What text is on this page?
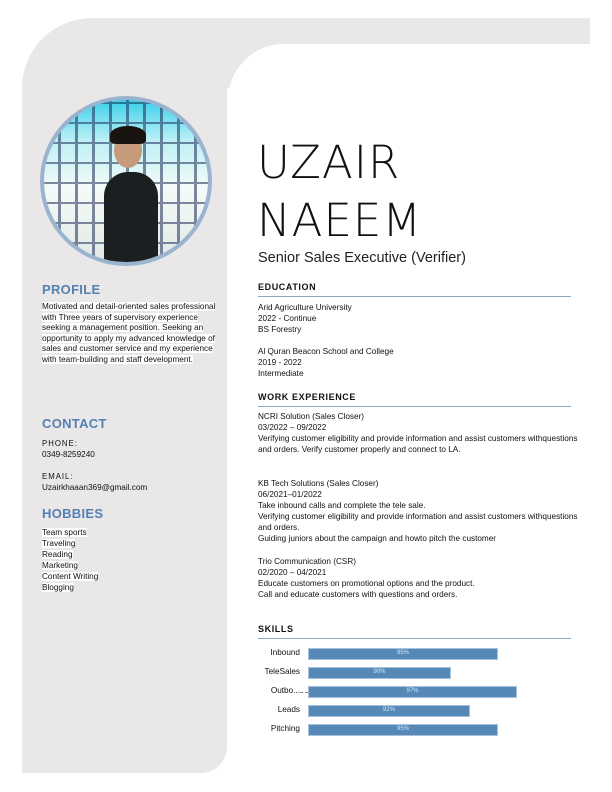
PROFILE
Motivated and detail-oriented sales professional with Three years of supervisory experience seeking a management position. Seeking an opportunity to apply my advanced knowledge of sales and customer service and my experience with team-building and staff development.
CONTACT
PHONE:
0349-8259240
EMAIL:
Uzairkhaaan369@gmail.com
HOBBIES
Team sports
Traveling
Reading
Marketing
Content Writing
Blogging
UZAIR
NAEEM
Senior Sales Executive (Verifier)
EDUCATION
Arid Agriculture University
2022 - Continue
BS Forestry
Al Quran Beacon School and College
2019 - 2022
Intermediate
WORK EXPERIENCE
NCRI Solution (Sales Closer)
03/2022 – 09/2022
Verifying customer eligibility and provide information and assist customers withquestions and orders. Verify customer properly and connect to LA.
KB Tech Solutions (Sales Closer)
06/2021–01/2022
Take inbound calls and complete the tele sale.
Verifying customer eligibility and provide information and assist customers withquestions and orders.
Guiding juniors about the campaign and howto pitch the customer
Trio Communication (CSR)
02/2020 – 04/2021
Educate customers on promotional options and the product.
Call and educate customers with questions and orders.
SKILLS
Inbound	95%
TeleSales	90%
Outbo...	97%
Leads	92%
Pitching	95%
